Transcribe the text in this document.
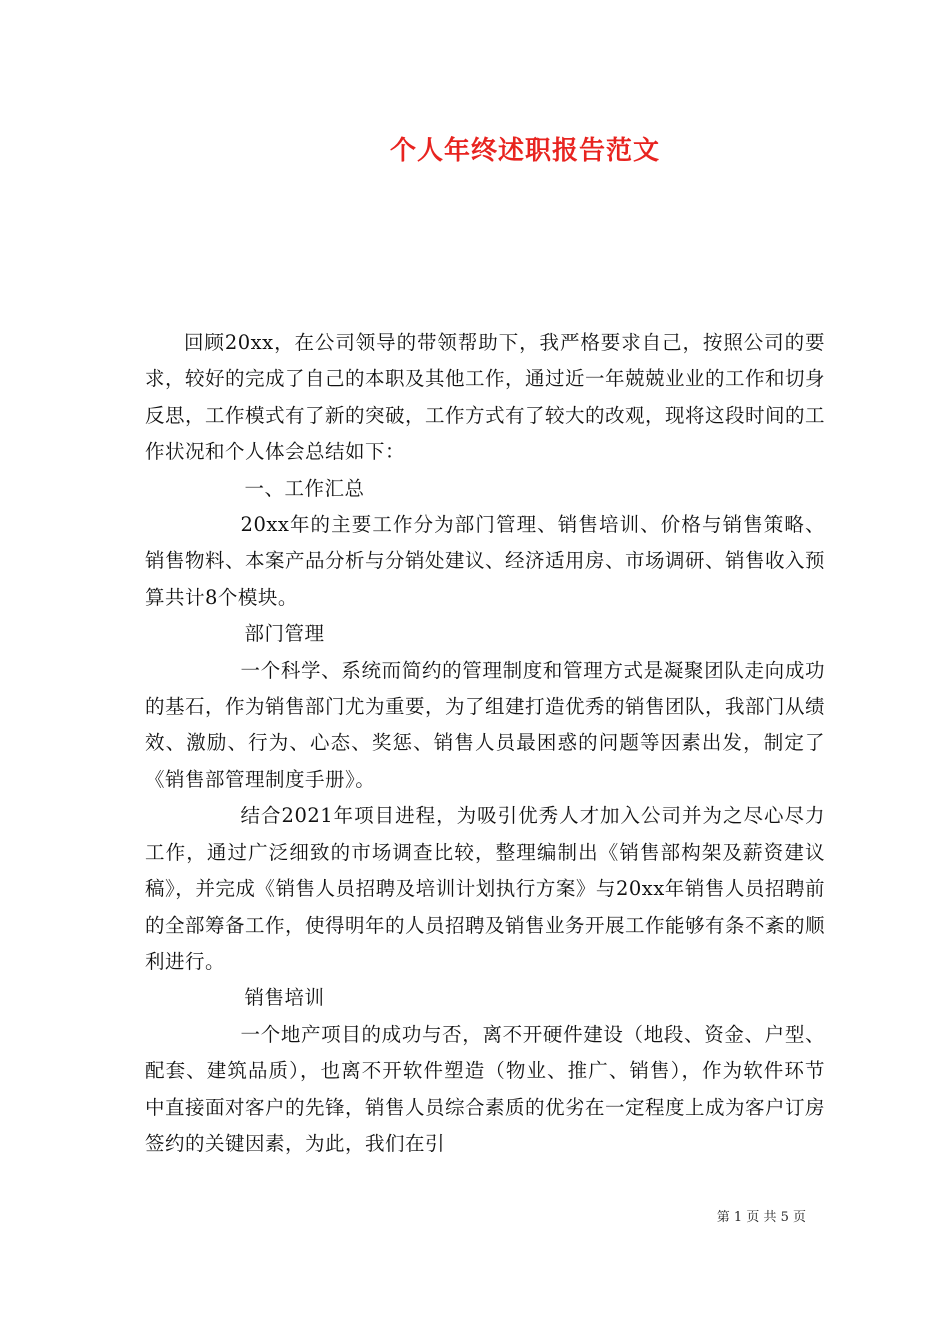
个人年终述职报告范文

回顾20xx，在公司领导的带领帮助下，我严格要求自己，按照公司的要求，较好的完成了自己的本职及其他工作，通过近一年兢兢业业的工作和切身反思，工作模式有了新的突破，工作方式有了较大的改观，现将这段时间的工作状况和个人体会总结如下：

一、工作汇总

20xx年的主要工作分为部门管理、销售培训、价格与销售策略、销售物料、本案产品分析与分销处建议、经济适用房、市场调研、销售收入预算共计8个模块。

部门管理

一个科学、系统而简约的管理制度和管理方式是凝聚团队走向成功的基石，作为销售部门尤为重要，为了组建打造优秀的销售团队，我部门从绩效、激励、行为、心态、奖惩、销售人员最困惑的问题等因素出发，制定了《销售部管理制度手册》。

结合2021年项目进程，为吸引优秀人才加入公司并为之尽心尽力工作，通过广泛细致的市场调查比较，整理编制出《销售部构架及薪资建议稿》，并完成《销售人员招聘及培训计划执行方案》与20xx年销售人员招聘前的全部筹备工作，使得明年的人员招聘及销售业务开展工作能够有条不紊的顺利进行。

销售培训

一个地产项目的成功与否，离不开硬件建设（地段、资金、户型、配套、建筑品质），也离不开软件塑造（物业、推广、销售），作为软件环节中直接面对客户的先锋，销售人员综合素质的优劣在一定程度上成为客户订房签约的关键因素，为此，我们在引

第 1 页 共 5 页
